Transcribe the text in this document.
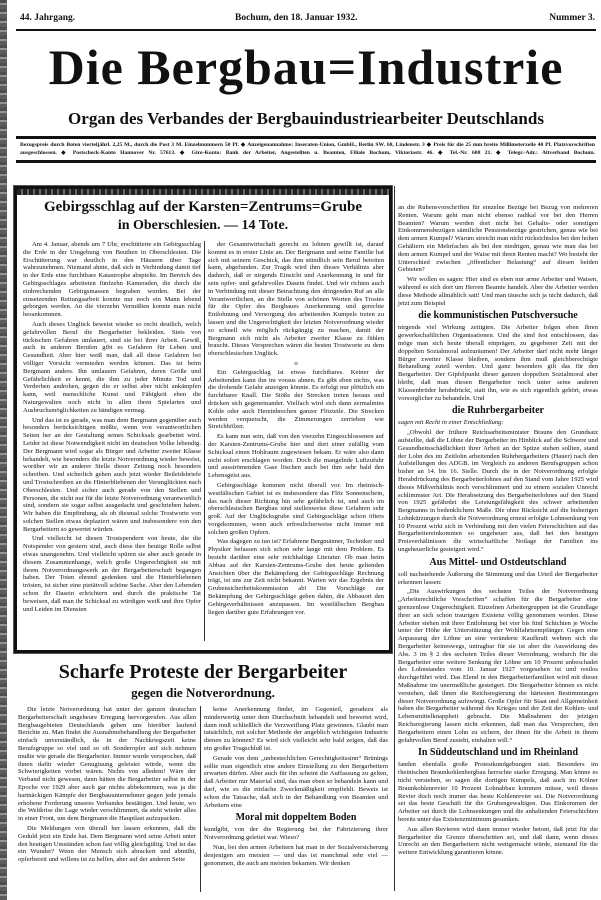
44. Jahrgang.	Bochum, den 18. Januar 1932.	Nummer 3.
Die Bergbau=Industrie
Organ des Verbandes der Bergbauindustriearbeiter Deutschlands
Bezugspreis durch Boten vierteljährl. 2,25 M., durch die Post 3 M. Einzelnummern 50 Pf. ◆ Anzeigenannahme: Inseraten-Union, GmbH., Berlin SW. 68, Lindenstr. 3 ◆ Preis für die 25 mm breite Millimeterzeile 40 Pf. Platzvorschriften ausgeschlossen. ◆ Postscheck-Konto Hannover Nr. 57613. ◆ Giro-Konto: Bank der Arbeiter, Angestellten u. Beamten, Filiale Bochum, Viktoriastr. 46. ◆ Tel.-Nr. 608 21. ◆ Telegr.-Adr.: Altverband Bochum.
Gebirgsschlag auf der Karsten=Zentrums=Grube
in Oberschlesien. — 14 Tote.

Am 4. Januar, abends um 7 Uhr, erschütterte ein Gebirgsschlag die Erde in der Umgebung von Beuthen in Oberschlesien. Die Erschütterung war deutlich in den Häusern über Tage wahrzunehmen. Niemand ahnte, daß sich in Verbindung damit tief in der Erde eine furchtbare Katastrophe abspielte. Im Bereich des Gebirgsschlages arbeiteten fünfzehn Kameraden, die durch die einbrechenden Gebirgsmassen begraben wurden. Bei der einsetzenden Rettungsarbeit konnte nur noch ein Mann lebend geborgen werden. An die vierzehn Vermißten konnte man nicht herankommen.

Auch dieses Unglück beweist wieder so recht deutlich, welch gefahrvollen Beruf die Bergarbeiter bekleiden. Stets von tückischen Gefahren umlauert, sind sie bei ihrer Arbeit. Gewiß, auch in anderen Berufen gibt es Gefahren für Leben und Gesundheit. Aber hier weiß man, daß all diese Gefahren bei völliger Vorsicht vermieden werden können. Das ist beim Bergmann anders. Ihn umlauern Gefahren, deren Größe und Gefährlichkeit er kennt, die ihm zu jeder Minute Tod und Verderben androhen, gegen die er selbst aber nicht ankämpfen kann, weil menschliche Kunst und Fähigkeit eben die Naturgewalten noch nicht in allen ihren Spielarten und Ausbruchsmöglichkeiten zu bändigen vermag.

Und das ist es gerade, was man dem Bergmann gegenüber auch besonders berücksichtigen müßte, wenn von verantwortlichen Seiten her an der Gestaltung seines Schicksals gearbeitet wird. Leider ist diese Notwendigkeit nicht im deutschen Volke lebendig. Der Bergmann wird sogar als Bürger und Arbeiter zweiter Klasse behandelt, wie besonders die letzte Notverordnung wieder beweist, worüber wir an anderer Stelle dieser Zeitung noch besonders schreiben. Und sicherlich gehen auch jetzt wieder Beileidsbriefe und Trostschreiben an die Hinterbliebenen der Verunglückten nach Oberschlesien. Und sicher auch gerade von den Stellen und Personen, die nicht nur für die letzte Notverordnung verantwortlich sind, sondern sie sogar selbst ausgedacht und geschrieben haben. Wir haben die Empfindung, als ob diesmal solche Trostworte von solchen Stellen etwas deplaziert wären und insbesondere von den Bergarbeitern so gewertet würden.

Und vielleicht ist diesen Trostspendern von heute, die die Notspender von gestern sind, auch diese ihre heutige Rolle selbst etwas unangenehm. Und vielleicht spüren sie aber auch gerade in diesem Zusammenhange, welch große Ungerechtigkeit sie mit ihrem Notverordnungswerk an der Bergarbeiterschaft begangen haben. Der Toten ehrend gedenken und die Hinterbliebenen trösten, ist sicher eine pietätvoll schöne Sache. Aber den Lebenden schon ihr Dasein erleichtern und durch die praktische Tat beweisen, daß man ihr Schicksal zu würdigen weiß und ihre Opfer und Leiden im Diensten

der Gesamtwirtschaft gerecht zu lohnen gewillt ist, darauf kommt es in erster Linie an. Der Bergmann und seine Familie hat sich mit seinem Geschick, das ihm stündlich sein Beruf bereiten kann, abgefunden. Zur Tragik wird ihm dieses Verhältnis aber dadurch, daß er nirgends Einsicht und Anerkennung in und für sein opfer- und gefahrvolles Dasein findet. Und wir richten auch in Verbindung mit dieser Betrachtung den dringenden Ruf an alle Verantwortlichen, an die Stelle von schönen Worten des Trostes für die Opfer des Bergbaues Anerkennung und gerechte Entlohnung und Versorgung des arbeitenden Kumpels treten zu lassen und die Ungerechtigkeit der letzten Notverordnung wieder so schnell wie möglich rückgängig zu machen, damit der Bergmann sich nicht als Arbeiter zweiter Klasse zu fühlen braucht. Dieses Versprechen wären die besten Trostworte zu dem oberschlesischen Unglück.

o

Ein Gebirgsschlag ist etwas furchtbares. Keiner der Arbeitenden kann ihn im voraus ahnen. Es gibt eben nichts, was die drohende Gefahr anzeigen könnte. Es erfolgt nur plötzlich ein furchtbarer Knall. Die Stöße der Strecken treten heraus und drücken sich gegeneinander. Vielfach wird sich dann zermalmtes Kohle oder auch Hereinbrechen ganzer Flözteile. Die Strecken werden verquetscht, die Zimmerungen zerrieben wie Streichhölzer.

Es kann nun sein, daß von den vierzehn Eingeschlossenen auf der Karsten-Zentrums-Grube hier und dort einer zufällig vom Schicksal einen Hohlraum zugewiesen bekam. Er wäre also dann nicht sofort erschlagen worden. Doch die mangelnde Luftzufuhr und ausströmenden Gase löschen auch bei ihm sehr bald den Lebensgeist aus.

Gebirgsschläge kommen nicht überall vor. Im rheinisch-westfälischen Gebiet ist es insbesondere das Flöz Sonnenschein, das nach dieser Richtung hin sehr gefährlich ist, und auch im oberschlesischen Bergbau sind stellenweise diese Gefahren sehr groß. Auf der Unglücksgrube sind Gebirgsschläge schon öfters vorgekommen, wenn auch erfreulicherweise nicht immer mit solchen großen Opfern.

Was dagegen zu tun ist? Erfahrene Bergmänner, Techniker und Physiker befassen sich schon sehr lange mit dem Problem. Es besteht darüber eine sehr reichhaltige Literatur. Ob man beim Abbau auf der Karsten-Zentrums-Grube den heute geltenden Ansichten über die Bekämpfung der Gebirgsschläge Rechnung trägt, ist uns zur Zeit nicht bekannt. Warten wir das Ergebnis der Grubensicherheitskommission ab! Die Vorschläge zur Bekämpfung der Gebirgsschläge gehen dahin, die Abbauort den Gebirgsverhältnissen anzupassen. Im westfälischen Bergbau liegen darüber gute Erfahrungen vor.

Scharfe Proteste der Bergarbeiter
gegen die Notverordnung.

Die letzte Notverordnung hat unter der ganzen deutschen Bergarbeiterschaft ungeheure Erregung hervorgerufen. Aus allen Bergbaugebieten Deutschlands gehen uns hierüber laufend Berichte zu. Man findet die Ausnahmebehandlung der Bergarbeiter einfach unverständlich, da in der Nachkriegszeit keine Berufsgruppe so viel und so oft Sonderopfer auf sich nehmen mußte wie gerade die Bergarbeiter. Immer wurde versprochen, daß ihnen dafür wieder Genugtuung geleistet würde, wenn die Schwierigkeiten vorbei wären. Nichts von alledem! Wäre der Verband nicht gewesen, dann hätten die Bergarbeiter selbst in der Epoche vor 1929 aber auch gar nichts abbekommen, was ja die hartnäckigen Kämpfe der Bergbauunternehmer gegen jede jemals erhobene Forderung unseres Verbandes bestätigen. Und heute, wo die Weltkrise die Lage wieder verschlimmert, da steht wieder alles in einer Front, um dem Bergmann die Hauptlast aufzupacken.

Die Meldungen von überall her lassen erkennen, daß die Geduld jetzt ein Ende hat. Dem Bergmann wird seine Arbeit unter den heutigen Umständen schon fast völlig gleichgültig. Und ist das ein Wunder? Wenn der Mensch sich abrackert und abmüht, opferbereit und willens ist zu helfen, aber auf der anderen Seite

keine Anerkennung findet, im Gegenteil, geradezu als minderwertig unter dem Durchschnitt behandelt und bewertet wird, dann muß schließlich die Verzweiflung Platz gewinnen. Glaubt man tatsächlich, mit solcher Methode der angeblich wichtigsten Industrie dienen zu können? Es wird sich vielleicht sehr bald zeigen, daß das ein großer Trugschluß ist.

Gerade von dem „unbestechlichen Gerechtigkeitssinn“ Brünings sollte man eigentlich eine andere Einstellung zu den Bergarbeitern erwarten dürfen. Aber auch für ihn scheint die Auffassung zu gelten, daß Arbeiter nur Material sind, das man eben so behandeln kann und darf, wie es die einfache Zweckmäßigkeit empfiehlt. Beweis ist schon die Tatsache, daß sich in der Behandlung von Beamten und Arbeitern eine

Moral mit doppeltem Boden

kundgibt, von der die Regierung bei der Fabrizierung ihrer Notverordnung geleitet war. Wieso?

Nun, bei den armen Arbeitern hat man in der Sozialversicherung denjenigen am meisten — und das ist manchmal sehr viel — genommen, die auch am meisten bekamen. Wir denken

an die Ruhensvorschriften für einzelne Bezüge bei Bezug von mehreren Renten. Warum geht man nicht ebenso radikal vor bei den Herren Beamten? Warum werden dort nicht bei Gehalts- oder sonstigen Einkommensbezügen sämtliche Pensionsbezüge gestrichen, genau wie bei dem armen Kumpel? Warum streicht man nicht rücksichtslos bei den hohen Gehältern ein Mehrfaches als bei den niedrigen, genau wie man das bei dem armen Kumpel und der Waise mit ihren Renten macht? Wo besteht der Unterschied zwischen „öffentlicher Belastung“ auf diesen beiden Gebieten?

Wir wollen es sagen: Hier sind es eben nur arme Arbeiter und Waisen, während es sich dort um Herren Beamte handelt. Aber die Arbeiter werden diese Methode allmählich satt! Und man täusche sich ja nicht dadurch, daß jetzt zum Beispiel

die kommunistischen Putschversuche

nirgends viel Wirkung zeitigten. Die Arbeiter folgen eben ihren gewerkschaftlichen Organisationen. Und die sind fest entschlossen, das möge man sich heute überall einprägen, zu gegebener Zeit mit der doppelten Sozialmoral aufzuräumen! Der Arbeiter darf nicht mehr länger Bürger zweiter Klasse bleiben, sondern ihm muß gleichberechtigte Behandlung zuteil werden. Und ganz besonders gilt das für den Bergarbeiter. Der Gipfelpunkt dieser ganzen doppelten Sozialmoral aber bleibt, daß man diesen Bergarbeiter noch unter seine anderen Klassenbrüder herabdrückt, statt ihn, wie es sich eigentlich gehört, etwas vorsorglicher zu behandeln. Und

die Ruhrbergarbeiter

sagen mit Recht in einer Entschließung:

„Obwohl der frühere Reichsarbeitsminister Brauns den Grundsatz aufstellte, daß die Löhne der Bergarbeiter im Hinblick auf die Schwere und Gesundheitsschädlichkeit ihrer Arbeit an der Spitze stehen sollten, stand der Lohn des im Zeitlohn arbeitenden Ruhrbergarbeiters (Hauer) nach den Aufstellungen des ADGB. im Vergleich zu anderen Berufsgruppen schon bisher an 14. bis 16. Stelle. Durch die in der Notverordnung erfolgte Herabdrückung des Bergarbeiterlohnes auf den Stand vom Jahre 1925 wird dieses Mißverhältnis noch verschlimmert und zu einem sozialen Unrecht schlimmster Art. Die Herabsetzung des Bergarbeiterlohnes auf den Stand von 1925 gefährdet die Leistungsfähigkeit des schwer arbeitenden Bergmanns in bedenklichem Maße. Die ohne Rücksicht auf die bisherigen Lohnkürzungen durch die Notverordnung erneut erfolgte Lohnsenkung von 10 Prozent wirkt sich in Verbindung mit den vielen Feierschichten auf das Bergarbeitereinkommen so ungeheuer aus, daß bei den heutigen Preisverhältnissen die wirtschaftliche Notlage der Familien ins ungeheuerliche gesteigert wird.“

Aus Mittel- und Ostdeutschland

soll nachstehende Äußerung die Stimmung und das Urteil der Bergarbeiter erkennen lassen:

„Die Auswirkungen des sechsten Teiles der Notverordnung „Arbeitsrechtliche Vorschriften“ schaffen für die Bergarbeiter eine grenzenlose Ungerechtigkeit. Einzelnen Arbeitergruppen ist die Grundlage ihrer an sich schon traurigen Existenz völlig genommen worden. Diese Arbeiter stehen mit ihrer Entlohnung bei vier bis fünf Schichten je Woche unter der Höhe der Unterstützung der Wohlfahrtsempfänger. Gegen eine Anpassung der Löhne an eine veränderte Kaufkraft wehren sich die Bergarbeiter keineswegs, untragbar für sie ist aber die Auswirkung des Abs. 3 im § 2 des sechsten Teiles dieser Verordnung, wodurch für die Bergarbeiter eine weitere Senkung der Löhne um 10 Prozent unbeschadet des Lohnstandes vom 10. Januar 1927 vorgesehen ist und restlos durchgeführt wird. Das Elend in den Bergarbeiterfamilien wird mit dieser Maßnahme ins unermeßliche gesteigert. Die Bergarbeiter können es nicht verstehen, daß ihnen die Reichsregierung die härtesten Bestimmungen dieser Notverordnung aufzwingt. Große Opfer für Staat und Allgemeinheit haben die Bergarbeiter während des Krieges und der Zeit der Kohlen- und Lebensmittelknappheit gebracht. Die Maßnahmen der jetzigen Reichsregierung lassen nicht erkennen, daß man das Versprechen, den Bergarbeitern einen Lohn zu sichern, der ihnen für die Arbeit in ihrem gefahrvollen Beruf zusteht, einhalten will.“

In Süddeutschland und im Rheinland

fanden ebenfalls große Protestkundgebungen statt. Besonders im rheinischen Braunkohlenbergbau herrschte starke Erregung. Man könne es nicht verstehen, so sagen die dortigen Kumpels, daß auch im Kölner Braunkohlenrevier 10 Prozent Lohnabbau kommen müsse, weil dieses Revier doch noch immer das beste Kohlenrevier sei. Die Notverordnung sei das beste Geschäft für die Grubengewaltigen. Das Einkommen der Arbeiter sei durch die Lohnsenkungen und die anhaltenden Feierschichten bereits unter das Existenzminimum gesunken.

Aus allen Revieren wird dann immer wieder betont, daß jetzt für die Bergarbeiter die Grenze überschritten sei, und daß dann, wenn dieses Unrecht an den Bergarbeitern nicht wettgemacht würde, niemand für die weitere Entwicklung garantieren könne.
